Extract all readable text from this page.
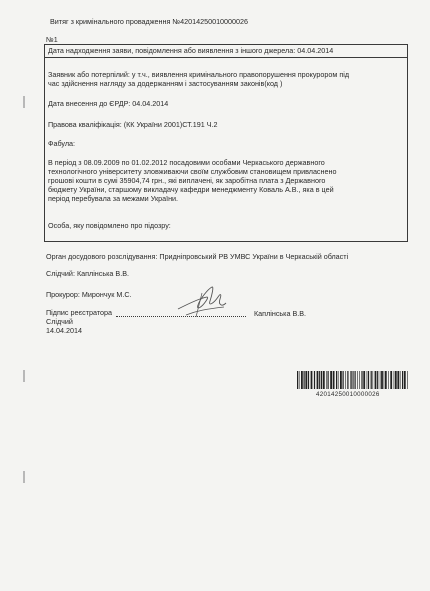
Витяг з кримінального провадження №42014250010000026
№1
Дата надходження заяви, повідомлення або виявлення з іншого джерела: 04.04.2014
Заявник або потерпілий: у т.ч., виявлення кримінального правопорушення прокурором під
час здійснення нагляду за додержанням і застосуванням законів(код )
Дата внесення до ЄРДР: 04.04.2014
Правова кваліфікація: (КК України 2001)СТ.191 Ч.2
Фабула:
В період з 08.09.2009 по 01.02.2012 посадовими особами Черкаського державного
технологічного університету зловживаючи своїм службовим становищем привласнено
грошові кошти в сумі 35904,74 грн., які виплачені, як заробітна плата з Державного
бюджету України, старшому викладачу кафедри менеджменту Коваль А.В., яка в цей
період перебувала за межами України.
Особа, яку повідомлено про підозру:
Орган досудового розслідування: Придніпровський РВ УМВС України в Черкаській області
Слідчий: Каплінська В.В.
Прокурор: Мирончук М.С.
Підпис реєстратора	Каплінська В.В.
Слідчий
14.04.2014
42014250010000026
